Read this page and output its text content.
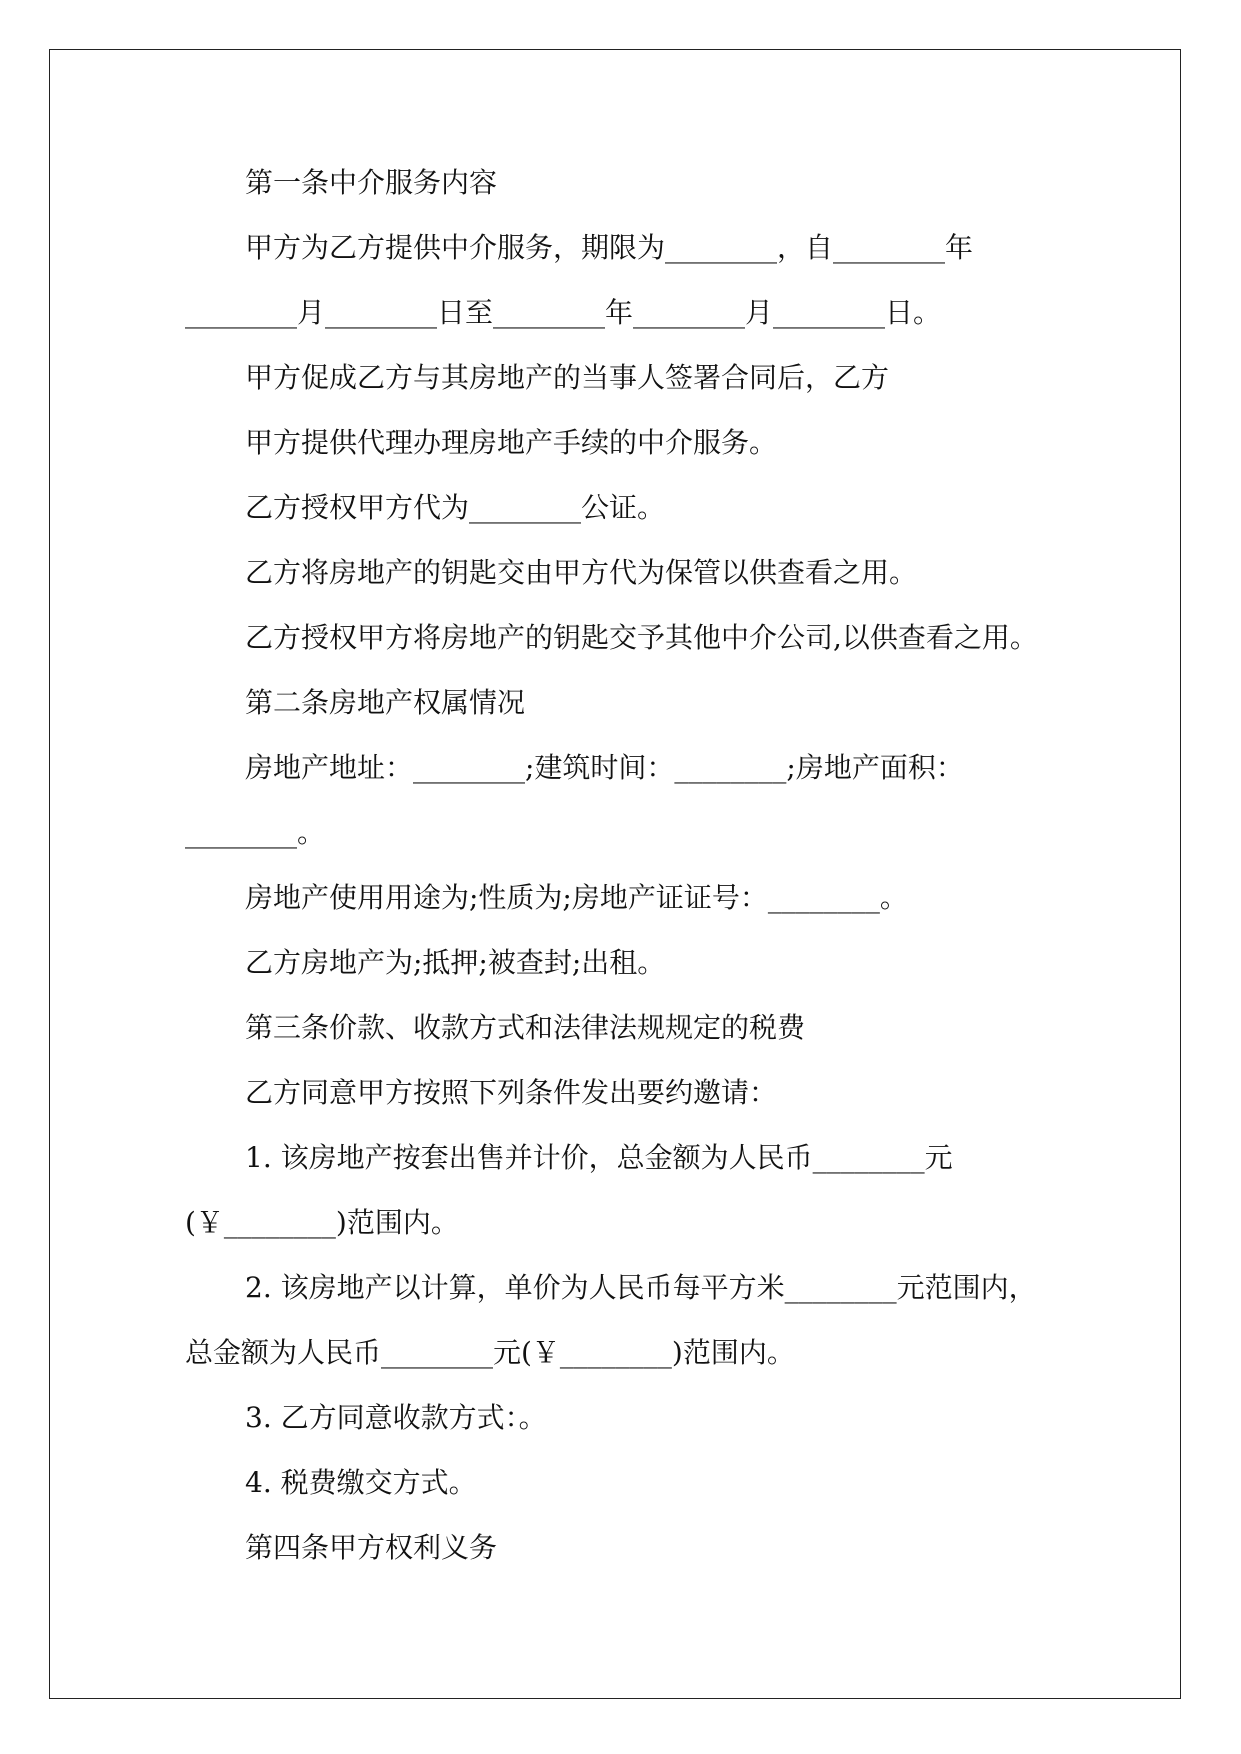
第一条中介服务内容
甲方为乙方提供中介服务，期限为________，自________年
________月________日至________年________月________日。
甲方促成乙方与其房地产的当事人签署合同后，乙方
甲方提供代理办理房地产手续的中介服务。
乙方授权甲方代为________公证。
乙方将房地产的钥匙交由甲方代为保管以供查看之用。
乙方授权甲方将房地产的钥匙交予其他中介公司,以供查看之用。
第二条房地产权属情况
房地产地址：________;建筑时间：________;房地产面积：
________。
房地产使用用途为;性质为;房地产证证号：________。
乙方房地产为;抵押;被查封;出租。
第三条价款、收款方式和法律法规规定的税费
乙方同意甲方按照下列条件发出要约邀请：
1. 该房地产按套出售并计价，总金额为人民币________元
(￥________)范围内。
2. 该房地产以计算，单价为人民币每平方米________元范围内，
总金额为人民币________元(￥________)范围内。
3. 乙方同意收款方式：。
4. 税费缴交方式。
第四条甲方权利义务
